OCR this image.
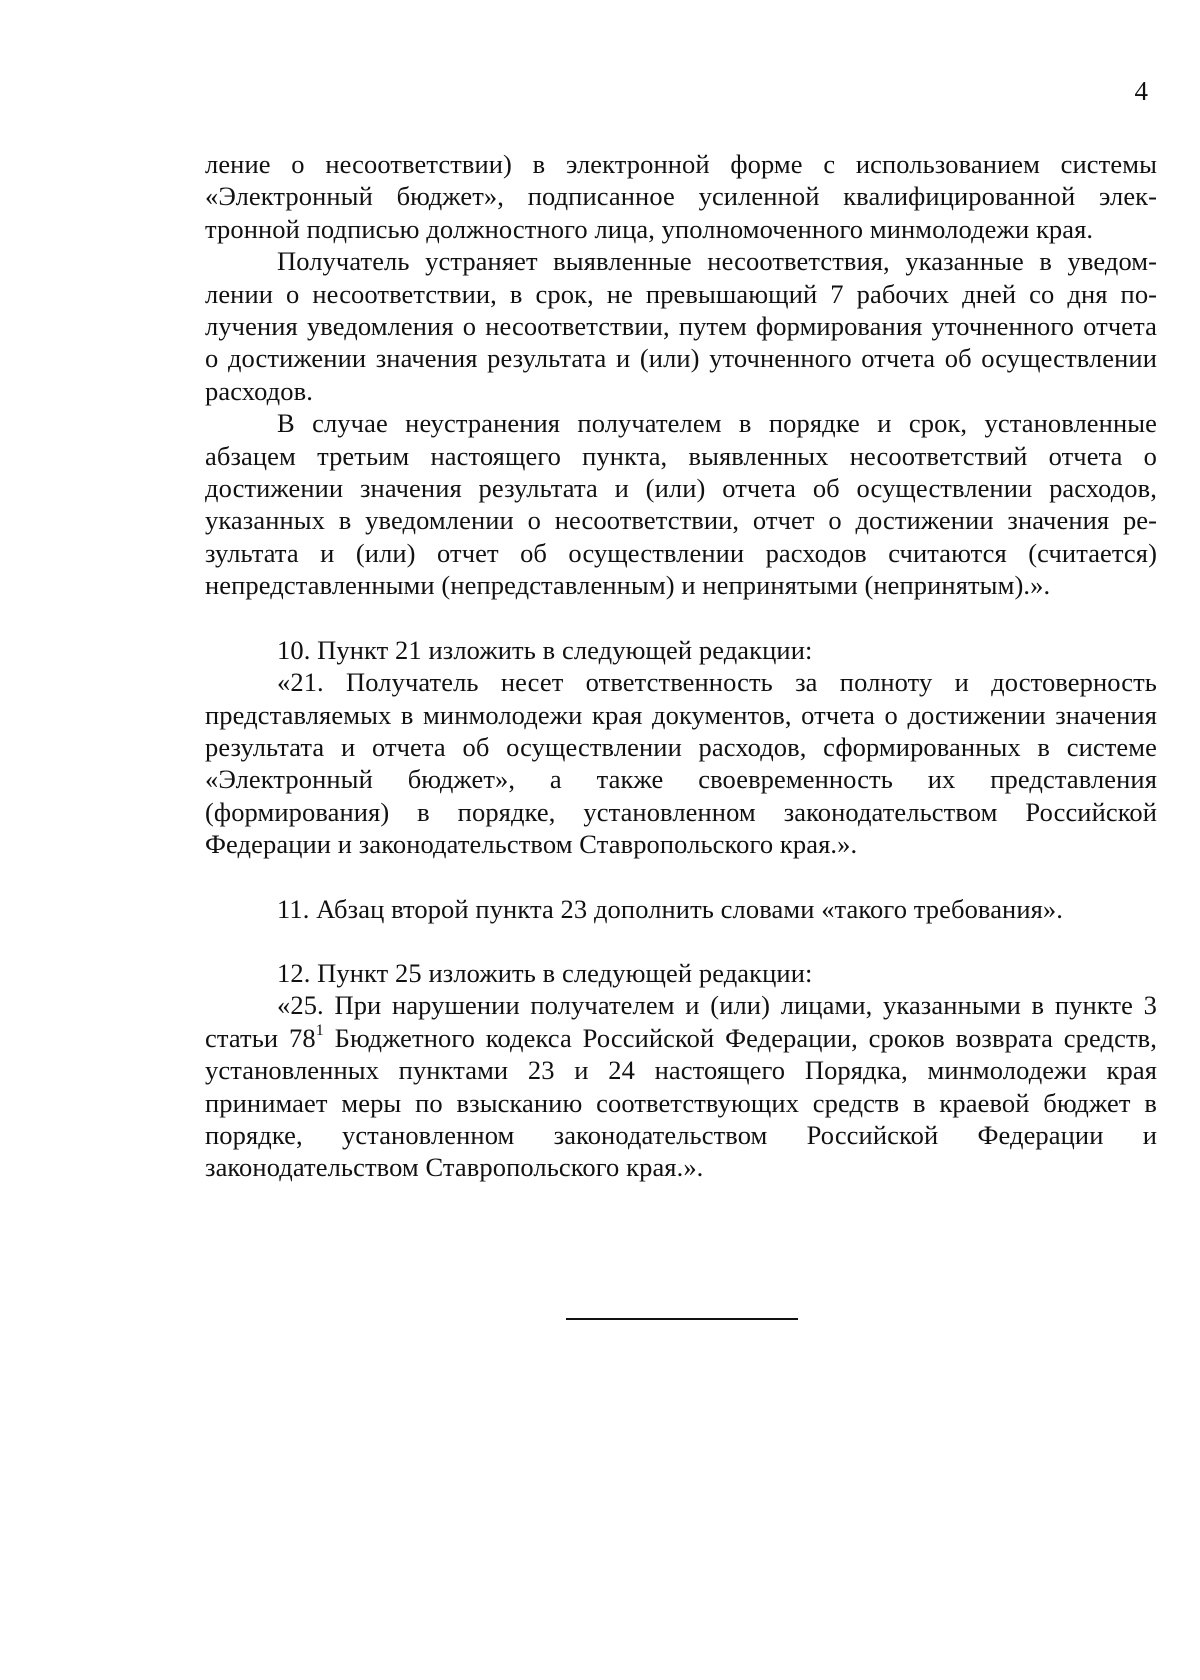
4

ление о несоответствии) в электронной форме с использованием системы «Электронный бюджет», подписанное усиленной квалифицированной электронной подписью должностного лица, уполномоченного минмолодежи края.

Получатель устраняет выявленные несоответствия, указанные в уведомлении о несоответствии, в срок, не превышающий 7 рабочих дней со дня получения уведомления о несоответствии, путем формирования уточненного отчета о достижении значения результата и (или) уточненного отчета об осуществлении расходов.

В случае неустранения получателем в порядке и срок, установленные абзацем третьим настоящего пункта, выявленных несоответствий отчета о достижении значения результата и (или) отчета об осуществлении расходов, указанных в уведомлении о несоответствии, отчет о достижении значения результата и (или) отчет об осуществлении расходов считаются (считается) непредставленными (непредставленным) и непринятыми (непринятым).».

10. Пункт 21 изложить в следующей редакции:

«21. Получатель несет ответственность за полноту и достоверность представляемых в минмолодежи края документов, отчета о достижении значения результата и отчета об осуществлении расходов, сформированных в системе «Электронный бюджет», а также своевременность их представления (формирования) в порядке, установленном законодательством Российской Федерации и законодательством Ставропольского края.».

11. Абзац второй пункта 23 дополнить словами «такого требования».

12. Пункт 25 изложить в следующей редакции:

«25. При нарушении получателем и (или) лицами, указанными в пункте 3 статьи $78^1$ Бюджетного кодекса Российской Федерации, сроков возврата средств, установленных пунктами 23 и 24 настоящего Порядка, минмолодежи края принимает меры по взысканию соответствующих средств в краевой бюджет в порядке, установленном законодательством Российской Федерации и законодательством Ставропольского края.».
